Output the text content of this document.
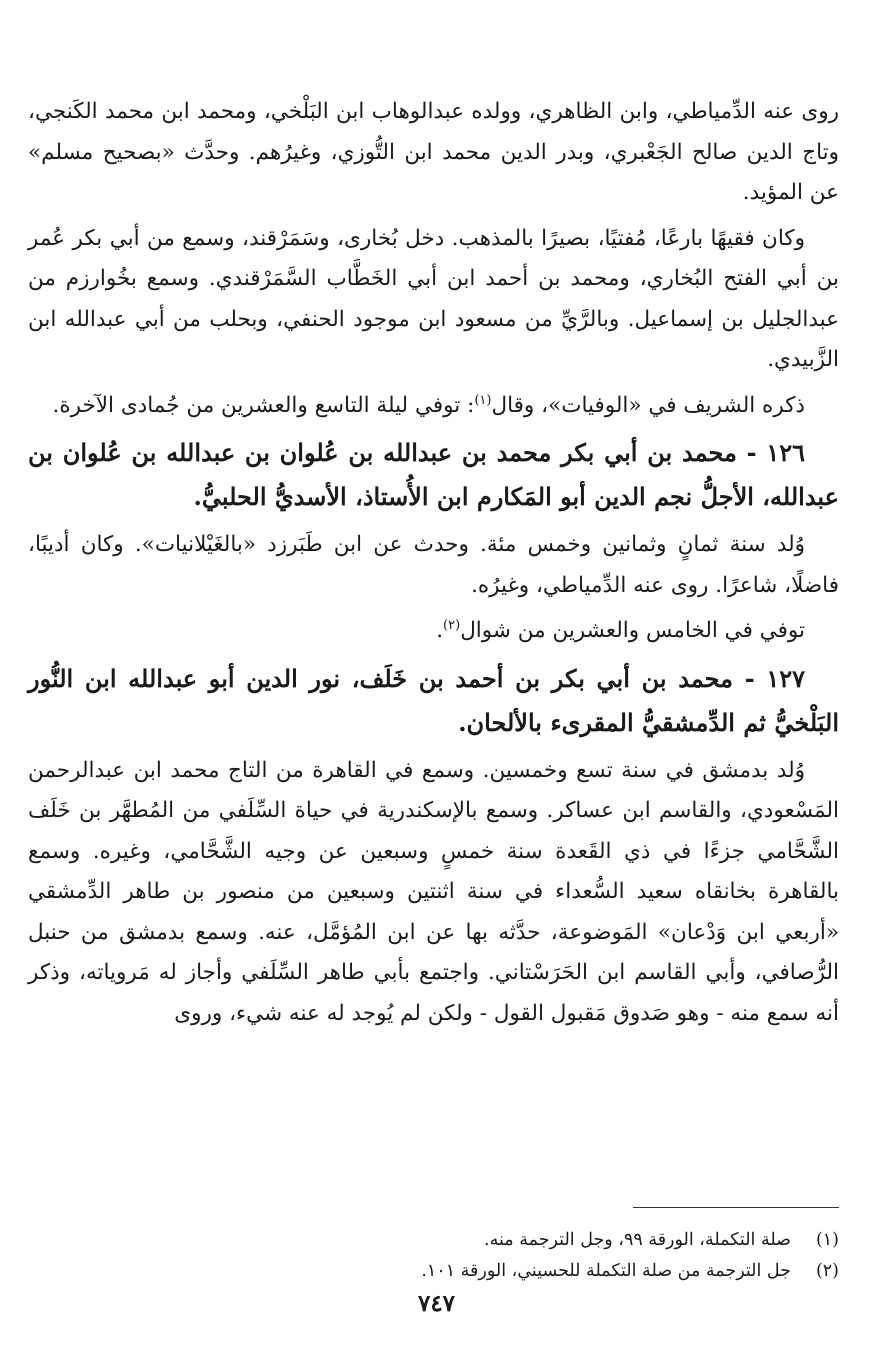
روى عنه الدِّمياطي، وابن الظاهري، وولده عبدالوهاب ابن البَلْخي، ومحمد ابن محمد الكَنجي، وتاج الدين صالح الجَعْبري، وبدر الدين محمد ابن التُّوزي، وغيرُهم. وحدَّث «بصحيح مسلم» عن المؤيد.

وكان فقيهًا بارعًا، مُفتيًا، بصيرًا بالمذهب. دخل بُخارى، وسَمَرْقند، وسمع من أبي بكر عُمر بن أبي الفتح البُخاري، ومحمد بن أحمد ابن أبي الخَطَّاب السَّمَرْقندي. وسمع بخُوارزم من عبدالجليل بن إسماعيل. وبالرَّيِّ من مسعود ابن موجود الحنفي، وبحلب من أبي عبدالله ابن الزَّبيدي.

ذكره الشريف في «الوفيات»، وقال$^{(١)}$: توفي ليلة التاسع والعشرين من جُمادى الآخرة.

١٢٦ - محمد بن أبي بكر محمد بن عبدالله بن عُلوان بن عبدالله بن عُلوان بن عبدالله، الأجلُّ نجم الدين أبو المَكارم ابن الأُستاذ، الأسديُّ الحلبيُّ.

وُلد سنة ثمانٍ وثمانين وخمس مئة. وحدث عن ابن طَبَرزد «بالغَيْلانيات». وكان أديبًا، فاضلًا، شاعرًا. روى عنه الدِّمياطي، وغيرُه.

توفي في الخامس والعشرين من شوال$^{(٢)}$.

١٢٧ - محمد بن أبي بكر بن أحمد بن خَلَف، نور الدين أبو عبدالله ابن النُّور البَلْخيُّ ثم الدِّمشقيُّ المقرىء بالألحان.

وُلد بدمشق في سنة تسع وخمسين. وسمع في القاهرة من التاج محمد ابن عبدالرحمن المَسْعودي، والقاسم ابن عساكر. وسمع بالإسكندرية في حياة السِّلَفي من المُطهَّر بن خَلَف الشَّحَّامي جزءًا في ذي القَعدة سنة خمسٍ وسبعين عن وجيه الشَّحَّامي، وغيره. وسمع بالقاهرة بخانقاه سعيد السُّعداء في سنة اثنتين وسبعين من منصور بن طاهر الدِّمشقي «أربعي ابن وَدْعان» المَوضوعة، حدَّثه بها عن ابن المُؤمَّل، عنه. وسمع بدمشق من حنبل الرُّصافي، وأبي القاسم ابن الحَرَسْتاني. واجتمع بأبي طاهر السِّلَفي وأجاز له مَروياته، وذكر أنه سمع منه - وهو صَدوق مَقبول القول - ولكن لم يُوجد له عنه شيء، وروى

(١)
صلة التكملة، الورقة ٩٩، وجل الترجمة منه.
(٢)
جل الترجمة من صلة التكملة للحسيني، الورقة ١٠١.
٧٤٧
